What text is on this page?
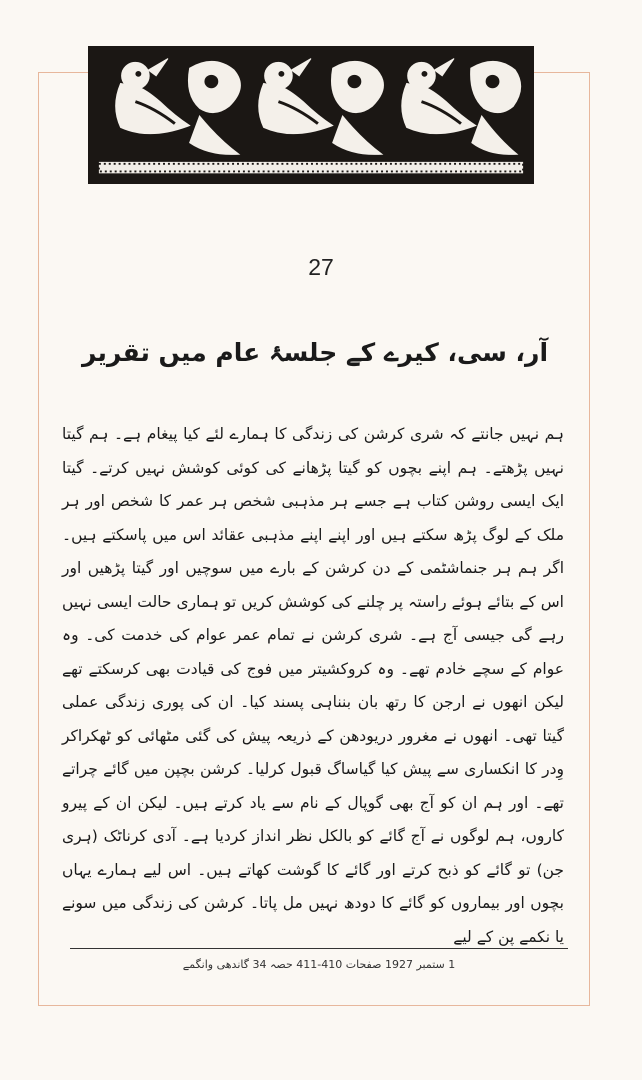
27
آر، سی، کیرے کے جلسۂ عام میں تقریر

ہم نہیں جانتے کہ شری کرشن کی زندگی کا ہمارے لئے کیا پیغام ہے۔ ہم گیتا نہیں پڑھتے۔ ہم اپنے بچوں کو گیتا پڑھانے کی کوئی کوشش نہیں کرتے۔ گیتا ایک ایسی روشن کتاب ہے جسے ہر مذہبی شخص ہر عمر کا شخص اور ہر ملک کے لوگ پڑھ سکتے ہیں اور اپنے اپنے مذہبی عقائد اس میں پاسکتے ہیں۔ اگر ہم ہر جنماشٹمی کے دن کرشن کے بارے میں سوچیں اور گیتا پڑھیں اور اس کے بتائے ہوئے راستہ پر چلنے کی کوشش کریں تو ہماری حالت ایسی نہیں رہے گی جیسی آج ہے۔ شری کرشن نے تمام عمر عوام کی خدمت کی۔ وہ عوام کے سچے خادم تھے۔ وہ کروکشیتر میں فوج کی قیادت بھی کرسکتے تھے لیکن انھوں نے ارجن کا رتھ بان بنناہی پسند کیا۔ ان کی پوری زندگی عملی گیتا تھی۔ انھوں نے مغرور دریودھن کے ذریعہ پیش کی گئی مٹھائی کو ٹھکراکر وِدر کا انکساری سے پیش کیا گیاساگ قبول کرلیا۔ کرشن بچپن میں گائے چراتے تھے۔ اور ہم ان کو آج بھی گوپال کے نام سے یاد کرتے ہیں۔ لیکن ان کے پیرو کاروں، ہم لوگوں نے آج گائے کو بالکل نظر انداز کردیا ہے۔ آدی کرناٹک (ہری جن) تو گائے کو ذبح کرتے اور گائے کا گوشت کھاتے ہیں۔ اس لیے ہمارے یہاں بچوں اور بیماروں کو گائے کا دودھ نہیں مل پاتا۔ کرشن کی زندگی میں سونے یا نکمے پن کے لیے

1 ستمبر 1927 صفحات 410-411 حصہ 34 گاندھی وانگمے
